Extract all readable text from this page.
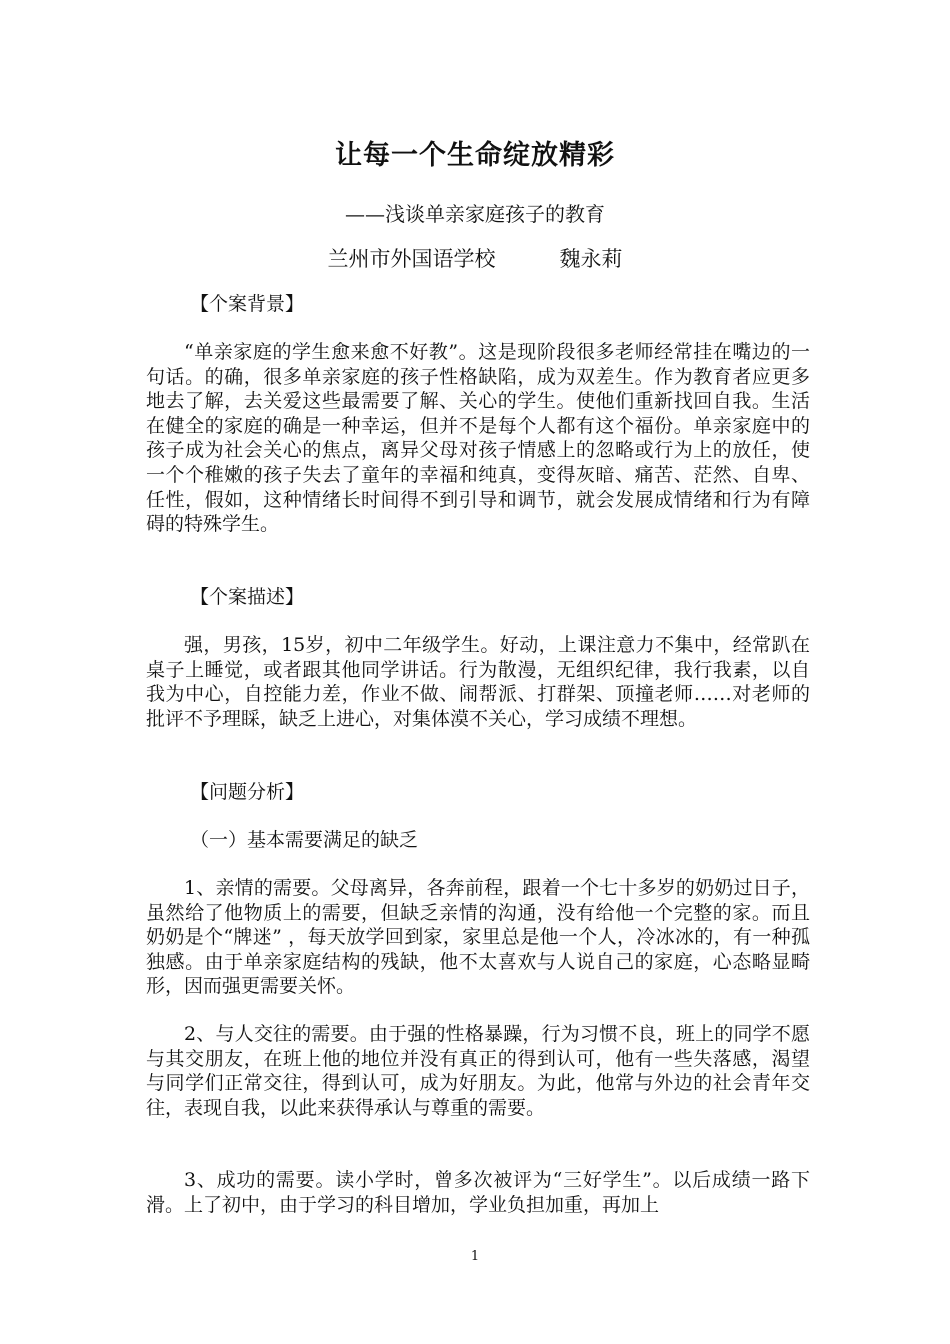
让每一个生命绽放精彩
——浅谈单亲家庭孩子的教育
兰州市外国语学校	魏永莉
【个案背景】

“单亲家庭的学生愈来愈不好教”。这是现阶段很多老师经常挂在嘴边的一句话。的确，很多单亲家庭的孩子性格缺陷，成为双差生。作为教育者应更多地去了解，去关爱这些最需要了解、关心的学生。使他们重新找回自我。生活在健全的家庭的确是一种幸运，但并不是每个人都有这个福份。单亲家庭中的孩子成为社会关心的焦点，离异父母对孩子情感上的忽略或行为上的放任，使一个个稚嫩的孩子失去了童年的幸福和纯真，变得灰暗、痛苦、茫然、自卑、任性，假如，这种情绪长时间得不到引导和调节，就会发展成情绪和行为有障碍的特殊学生。

【个案描述】

强，男孩，15岁，初中二年级学生。好动，上课注意力不集中，经常趴在桌子上睡觉，或者跟其他同学讲话。行为散漫，无组织纪律，我行我素，以自我为中心，自控能力差，作业不做、闹帮派、打群架、顶撞老师……对老师的批评不予理睬，缺乏上进心，对集体漠不关心，学习成绩不理想。

【问题分析】
（一）基本需要满足的缺乏

1、亲情的需要。父母离异，各奔前程，跟着一个七十多岁的奶奶过日子，虽然给了他物质上的需要，但缺乏亲情的沟通，没有给他一个完整的家。而且奶奶是个“牌迷” ，每天放学回到家，家里总是他一个人，冷冰冰的，有一种孤独感。由于单亲家庭结构的残缺，他不太喜欢与人说自己的家庭，心态略显畸形，因而强更需要关怀。

2、与人交往的需要。由于强的性格暴躁，行为习惯不良，班上的同学不愿与其交朋友，在班上他的地位并没有真正的得到认可，他有一些失落感，渴望与同学们正常交往，得到认可，成为好朋友。为此，他常与外边的社会青年交往，表现自我，以此来获得承认与尊重的需要。

3、成功的需要。读小学时，曾多次被评为“三好学生”。以后成绩一路下滑。上了初中，由于学习的科目增加，学业负担加重，再加上

1
